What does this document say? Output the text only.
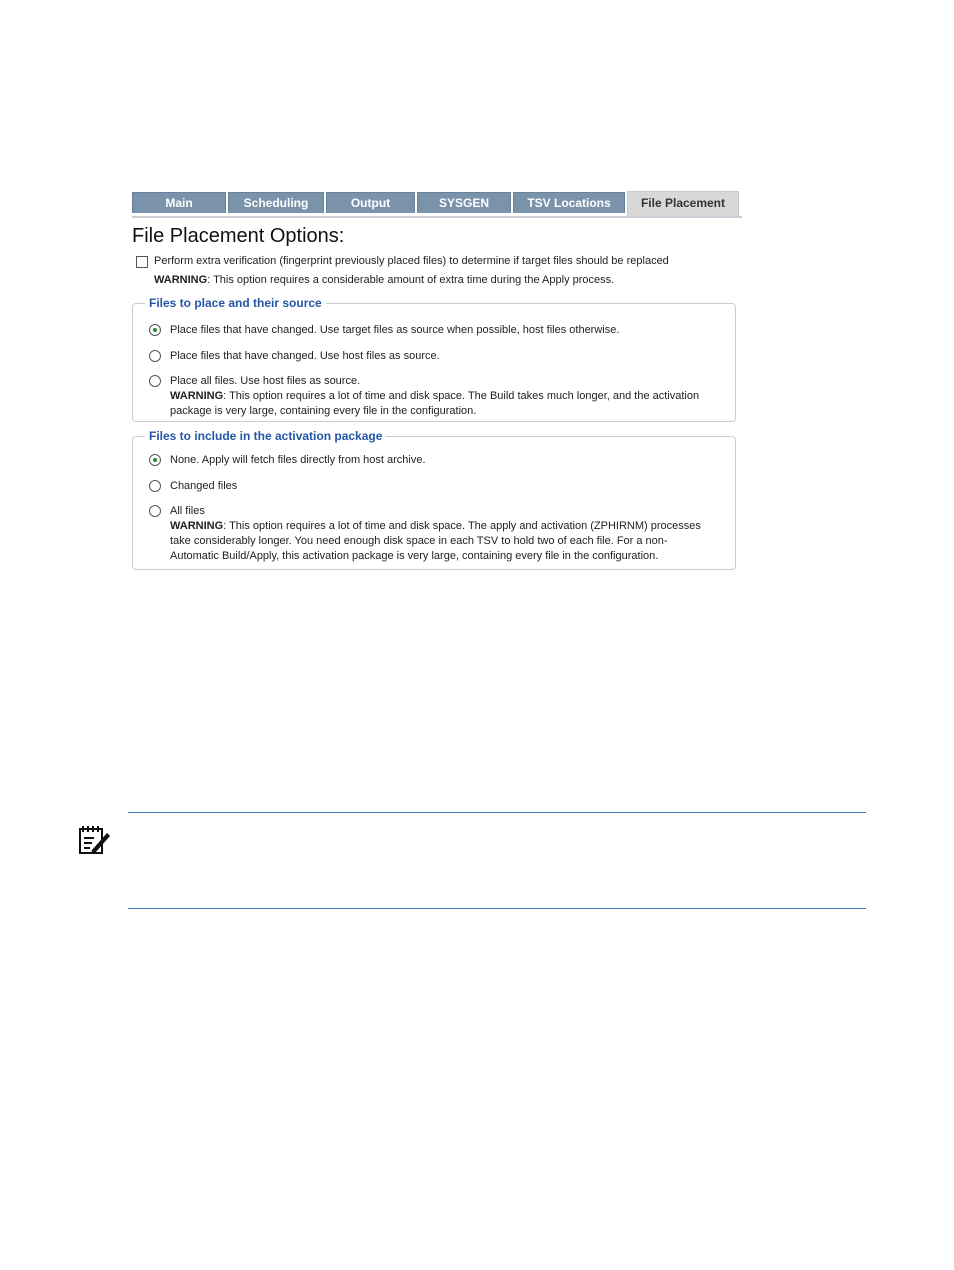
Main	Scheduling	Output	SYSGEN	TSV Locations	File Placement
File Placement Options:
Perform extra verification (fingerprint previously placed files) to determine if target files should be replaced
WARNING: This option requires a considerable amount of extra time during the Apply process.
Files to place and their source
Place files that have changed. Use target files as source when possible, host files otherwise.
Place files that have changed. Use host files as source.
Place all files. Use host files as source.
WARNING: This option requires a lot of time and disk space. The Build takes much longer, and the activation
package is very large, containing every file in the configuration.
Files to include in the activation package
None. Apply will fetch files directly from host archive.
Changed files
All files
WARNING: This option requires a lot of time and disk space. The apply and activation (ZPHIRNM) processes
take considerably longer. You need enough disk space in each TSV to hold two of each file. For a non-
Automatic Build/Apply, this activation package is very large, containing every file in the configuration.
